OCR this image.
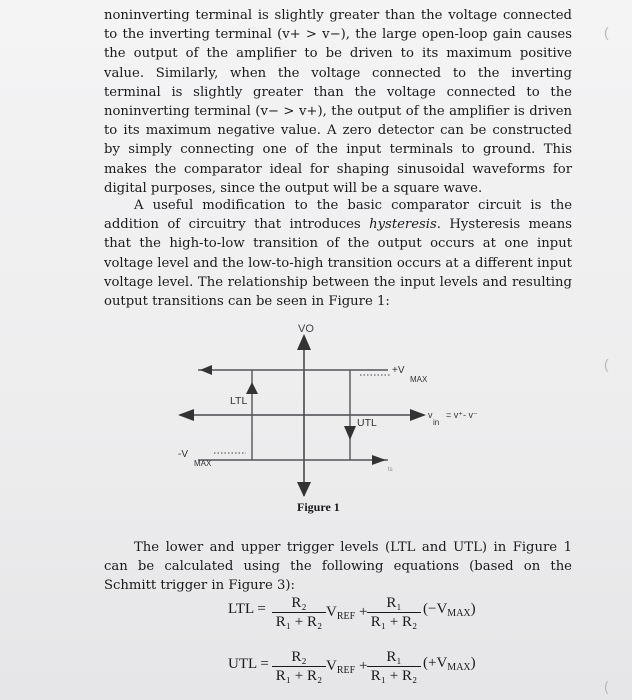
noninverting terminal is slightly greater than the voltage connected to the inverting terminal (v+ > v−), the large open-loop gain causes the output of the amplifier to be driven to its maximum positive value. Similarly, when the voltage connected to the inverting terminal is slightly greater than the voltage connected to the noninverting terminal (v− > v+), the output of the amplifier is driven to its maximum negative value. A zero detector can be constructed by simply connecting one of the input terminals to ground. This makes the comparator ideal for shaping sinusoidal waveforms for digital purposes, since the output will be a square wave.

A useful modification to the basic comparator circuit is the addition of circuitry that introduces hysteresis. Hysteresis means that the high-to-low transition of the output occurs at one input voltage level and the low-to-high transition occurs at a different input voltage level. The relationship between the input levels and resulting output transitions can be seen in Figure 1:

VO
LTL
UTL
+V
MAX
-V
MAX
v
in
= v⁺- v⁻
ts
Figure 1

The lower and upper trigger levels (LTL and UTL) in Figure 1 can be calculated using the following equations (based on the Schmitt trigger in Figure 3):

LTL = $\frac{\text{R₂}}{\text{R₁ + R₂}} V_{REF} + \frac{\text{R₁}}{\text{R₁ + R₂}} (-V_{MAX})$
UTL = $\frac{\text{R₂}}{\text{R₁ + R₂}} V_{REF} + \frac{\text{R₁}}{\text{R₁ + R₂}} (+V_{MAX})$
(
(
(
